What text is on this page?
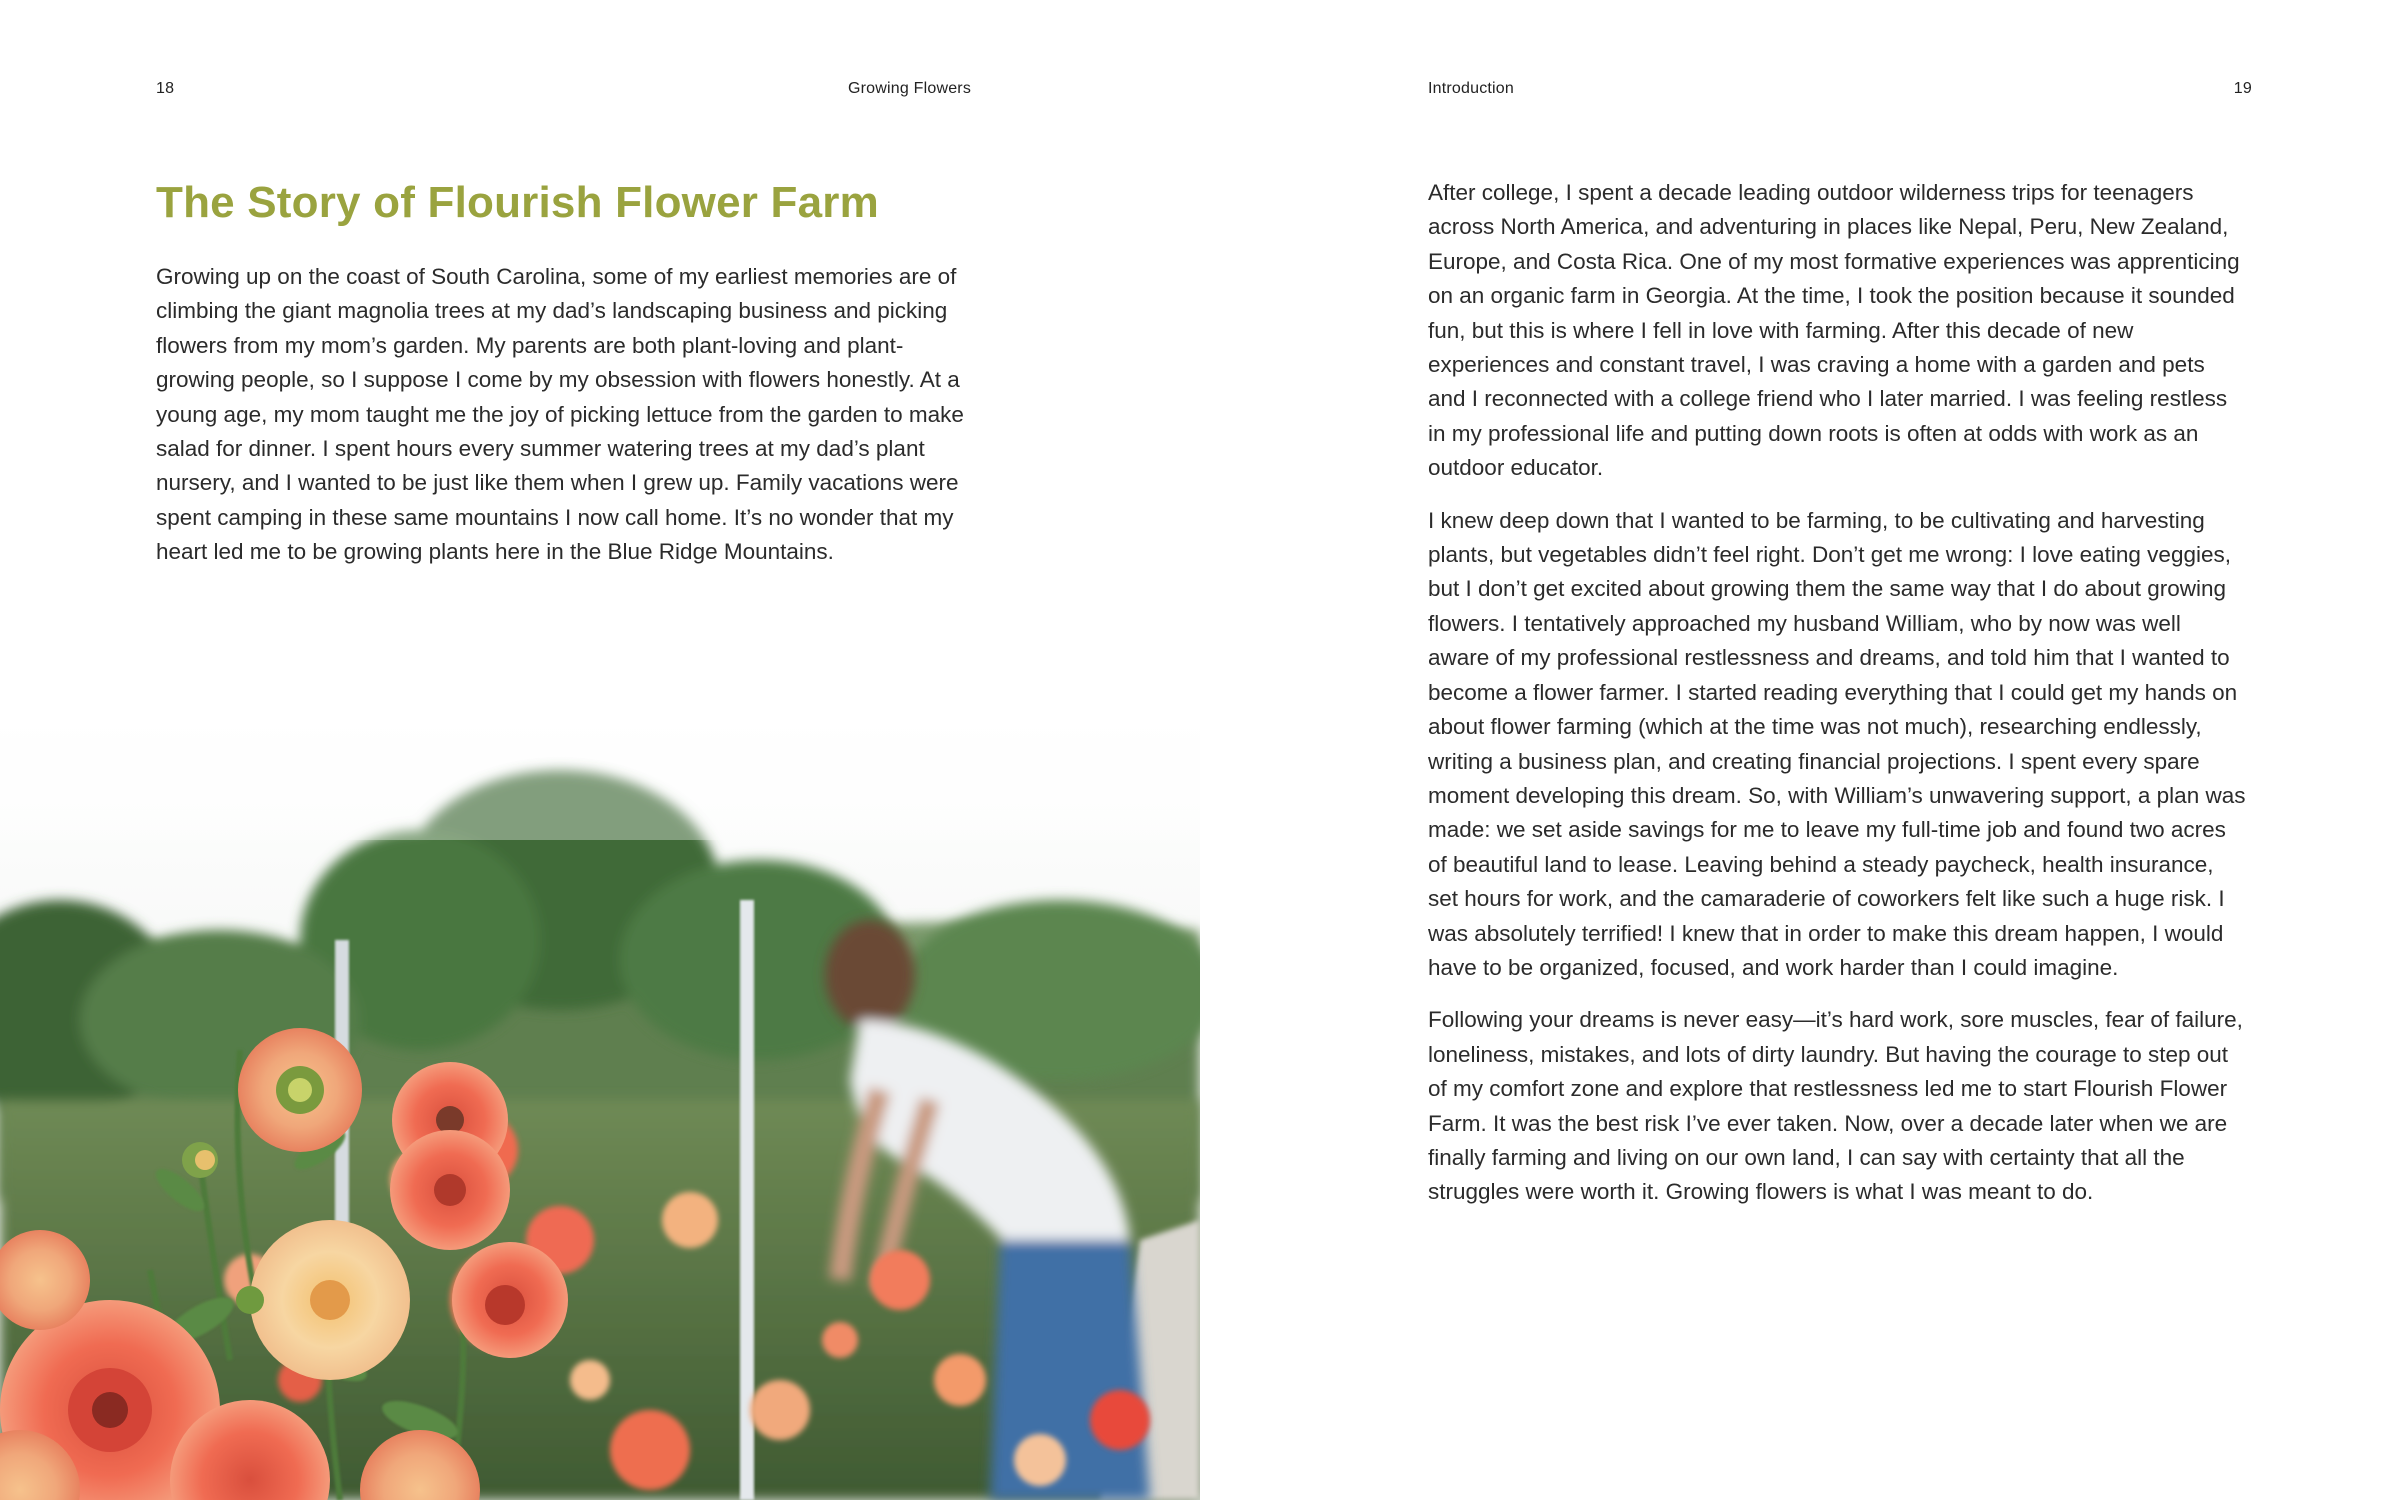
18	Growing Flowers
The Story of Flourish Flower Farm

Growing up on the coast of South Carolina, some of my earliest memories are of climbing the giant magnolia trees at my dad’s landscaping business and picking flowers from my mom’s garden. My parents are both plant-loving and plant-growing people, so I suppose I come by my obsession with flowers honestly. At a young age, my mom taught me the joy of picking lettuce from the garden to make salad for dinner. I spent hours every summer watering trees at my dad’s plant nursery, and I wanted to be just like them when I grew up. Family vacations were spent camping in these same mountains I now call home. It’s no wonder that my heart led me to be growing plants here in the Blue Ridge Mountains.

Introduction	19

After college, I spent a decade leading outdoor wilderness trips for teenagers across North America, and adventuring in places like Nepal, Peru, New Zealand, Europe, and Costa Rica. One of my most formative experiences was apprenticing on an organic farm in Georgia. At the time, I took the position because it sounded fun, but this is where I fell in love with farming. After this decade of new experiences and constant travel, I was craving a home with a garden and pets and I reconnected with a college friend who I later married. I was feeling restless in my professional life and putting down roots is often at odds with work as an outdoor educator.

I knew deep down that I wanted to be farming, to be cultivating and harvesting plants, but vegetables didn’t feel right. Don’t get me wrong: I love eating veggies, but I don’t get excited about growing them the same way that I do about growing flowers. I tentatively approached my husband William, who by now was well aware of my professional restlessness and dreams, and told him that I wanted to become a flower farmer. I started reading everything that I could get my hands on about flower farming (which at the time was not much), researching endlessly, writing a business plan, and creating financial projections. I spent every spare moment developing this dream. So, with William’s unwavering support, a plan was made: we set aside savings for me to leave my full-time job and found two acres of beautiful land to lease. Leaving behind a steady paycheck, health insurance, set hours for work, and the camaraderie of coworkers felt like such a huge risk. I was absolutely terrified! I knew that in order to make this dream happen, I would have to be organized, focused, and work harder than I could imagine.

Following your dreams is never easy—it’s hard work, sore muscles, fear of failure, loneliness, mistakes, and lots of dirty laundry. But having the courage to step out of my comfort zone and explore that restlessness led me to start Flourish Flower Farm. It was the best risk I’ve ever taken. Now, over a decade later when we are finally farming and living on our own land, I can say with certainty that all the struggles were worth it. Growing flowers is what I was meant to do.
